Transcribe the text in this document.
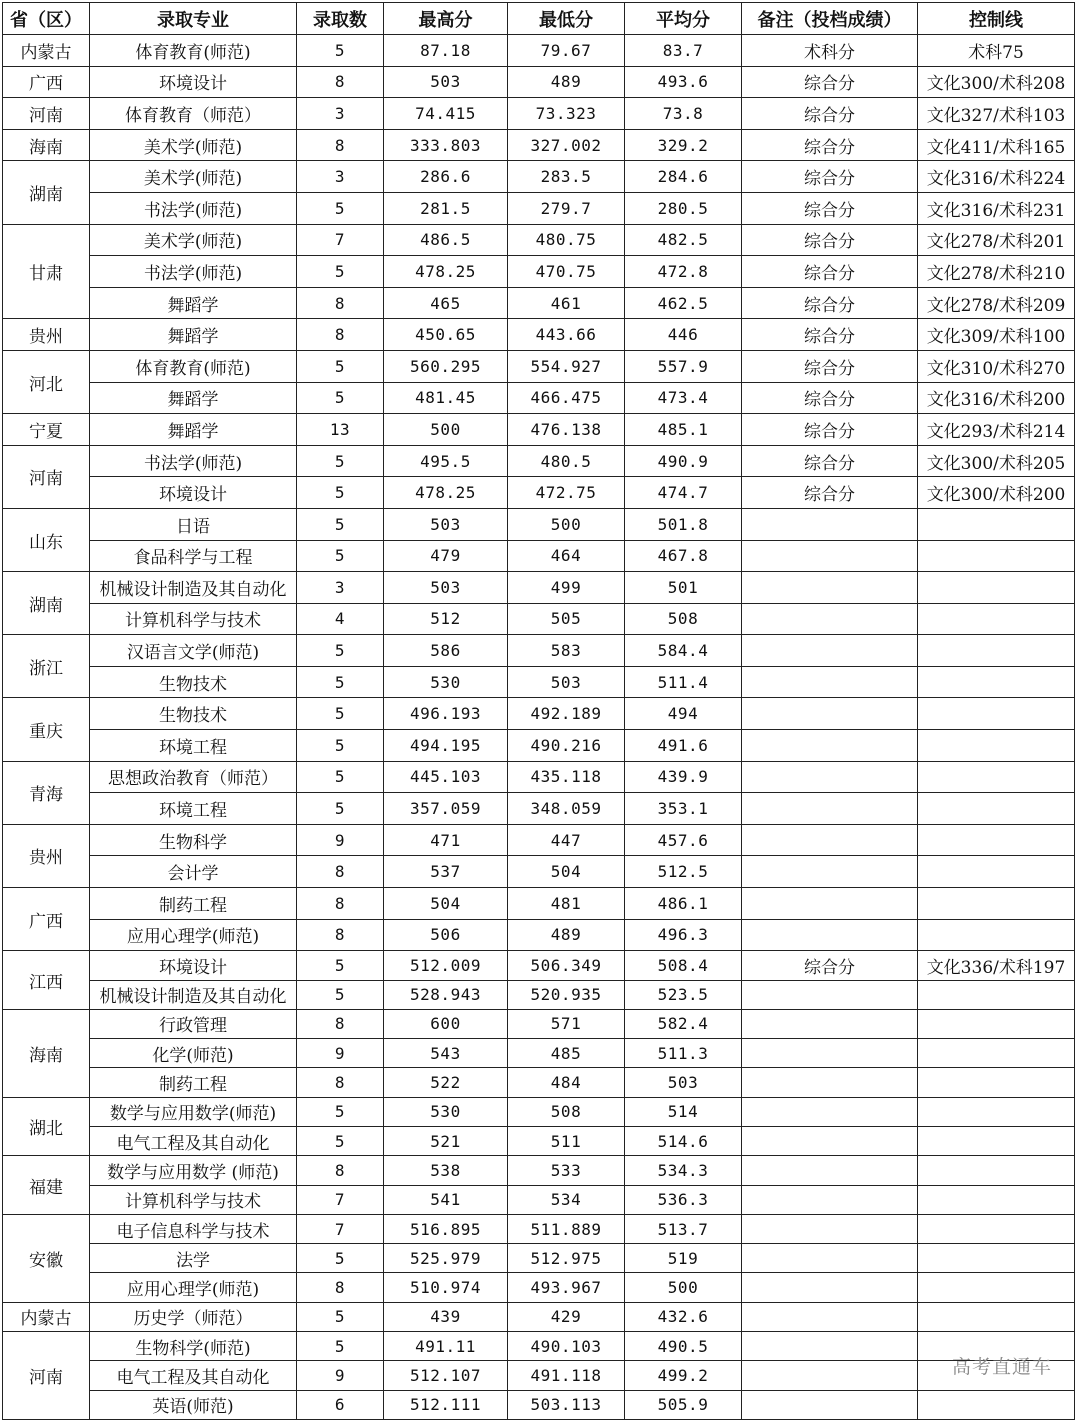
省（区）	录取专业	录取数	最高分	最低分	平均分	备注（投档成绩）	控制线
内蒙古	体育教育(师范)	5	87.18	79.67	83.7	术科分	术科75
广西	环境设计	8	503	489	493.6	综合分	文化300/术科208
河南	体育教育（师范）	3	74.415	73.323	73.8	综合分	文化327/术科103
海南	美术学(师范)	8	333.803	327.002	329.2	综合分	文化411/术科165
湖南	美术学(师范)	3	286.6	283.5	284.6	综合分	文化316/术科224
	书法学(师范)	5	281.5	279.7	280.5	综合分	文化316/术科231
甘肃	美术学(师范)	7	486.5	480.75	482.5	综合分	文化278/术科201
	书法学(师范)	5	478.25	470.75	472.8	综合分	文化278/术科210
	舞蹈学	8	465	461	462.5	综合分	文化278/术科209
贵州	舞蹈学	8	450.65	443.66	446	综合分	文化309/术科100
河北	体育教育(师范)	5	560.295	554.927	557.9	综合分	文化310/术科270
	舞蹈学	5	481.45	466.475	473.4	综合分	文化316/术科200
宁夏	舞蹈学	13	500	476.138	485.1	综合分	文化293/术科214
河南	书法学(师范)	5	495.5	480.5	490.9	综合分	文化300/术科205
	环境设计	5	478.25	472.75	474.7	综合分	文化300/术科200
山东	日语	5	503	500	501.8		
	食品科学与工程	5	479	464	467.8		
湖南	机械设计制造及其自动化	3	503	499	501		
	计算机科学与技术	4	512	505	508		
浙江	汉语言文学(师范)	5	586	583	584.4		
	生物技术	5	530	503	511.4		
重庆	生物技术	5	496.193	492.189	494		
	环境工程	5	494.195	490.216	491.6		
青海	思想政治教育（师范）	5	445.103	435.118	439.9		
	环境工程	5	357.059	348.059	353.1		
贵州	生物科学	9	471	447	457.6		
	会计学	8	537	504	512.5		
广西	制药工程	8	504	481	486.1		
	应用心理学(师范)	8	506	489	496.3		
江西	环境设计	5	512.009	506.349	508.4	综合分	文化336/术科197
	机械设计制造及其自动化	5	528.943	520.935	523.5		
海南	行政管理	8	600	571	582.4		
	化学(师范)	9	543	485	511.3		
	制药工程	8	522	484	503		
湖北	数学与应用数学(师范)	5	530	508	514		
	电气工程及其自动化	5	521	511	514.6		
福建	数学与应用数学 (师范)	8	538	533	534.3		
	计算机科学与技术	7	541	534	536.3		
安徽	电子信息科学与技术	7	516.895	511.889	513.7		
	法学	5	525.979	512.975	519		
	应用心理学(师范)	8	510.974	493.967	500		
内蒙古	历史学（师范）	5	439	429	432.6		
河南	生物科学(师范)	5	491.11	490.103	490.5		
	电气工程及其自动化	9	512.107	491.118	499.2		
	英语(师范)	6	512.111	503.113	505.9		
高考直通车
